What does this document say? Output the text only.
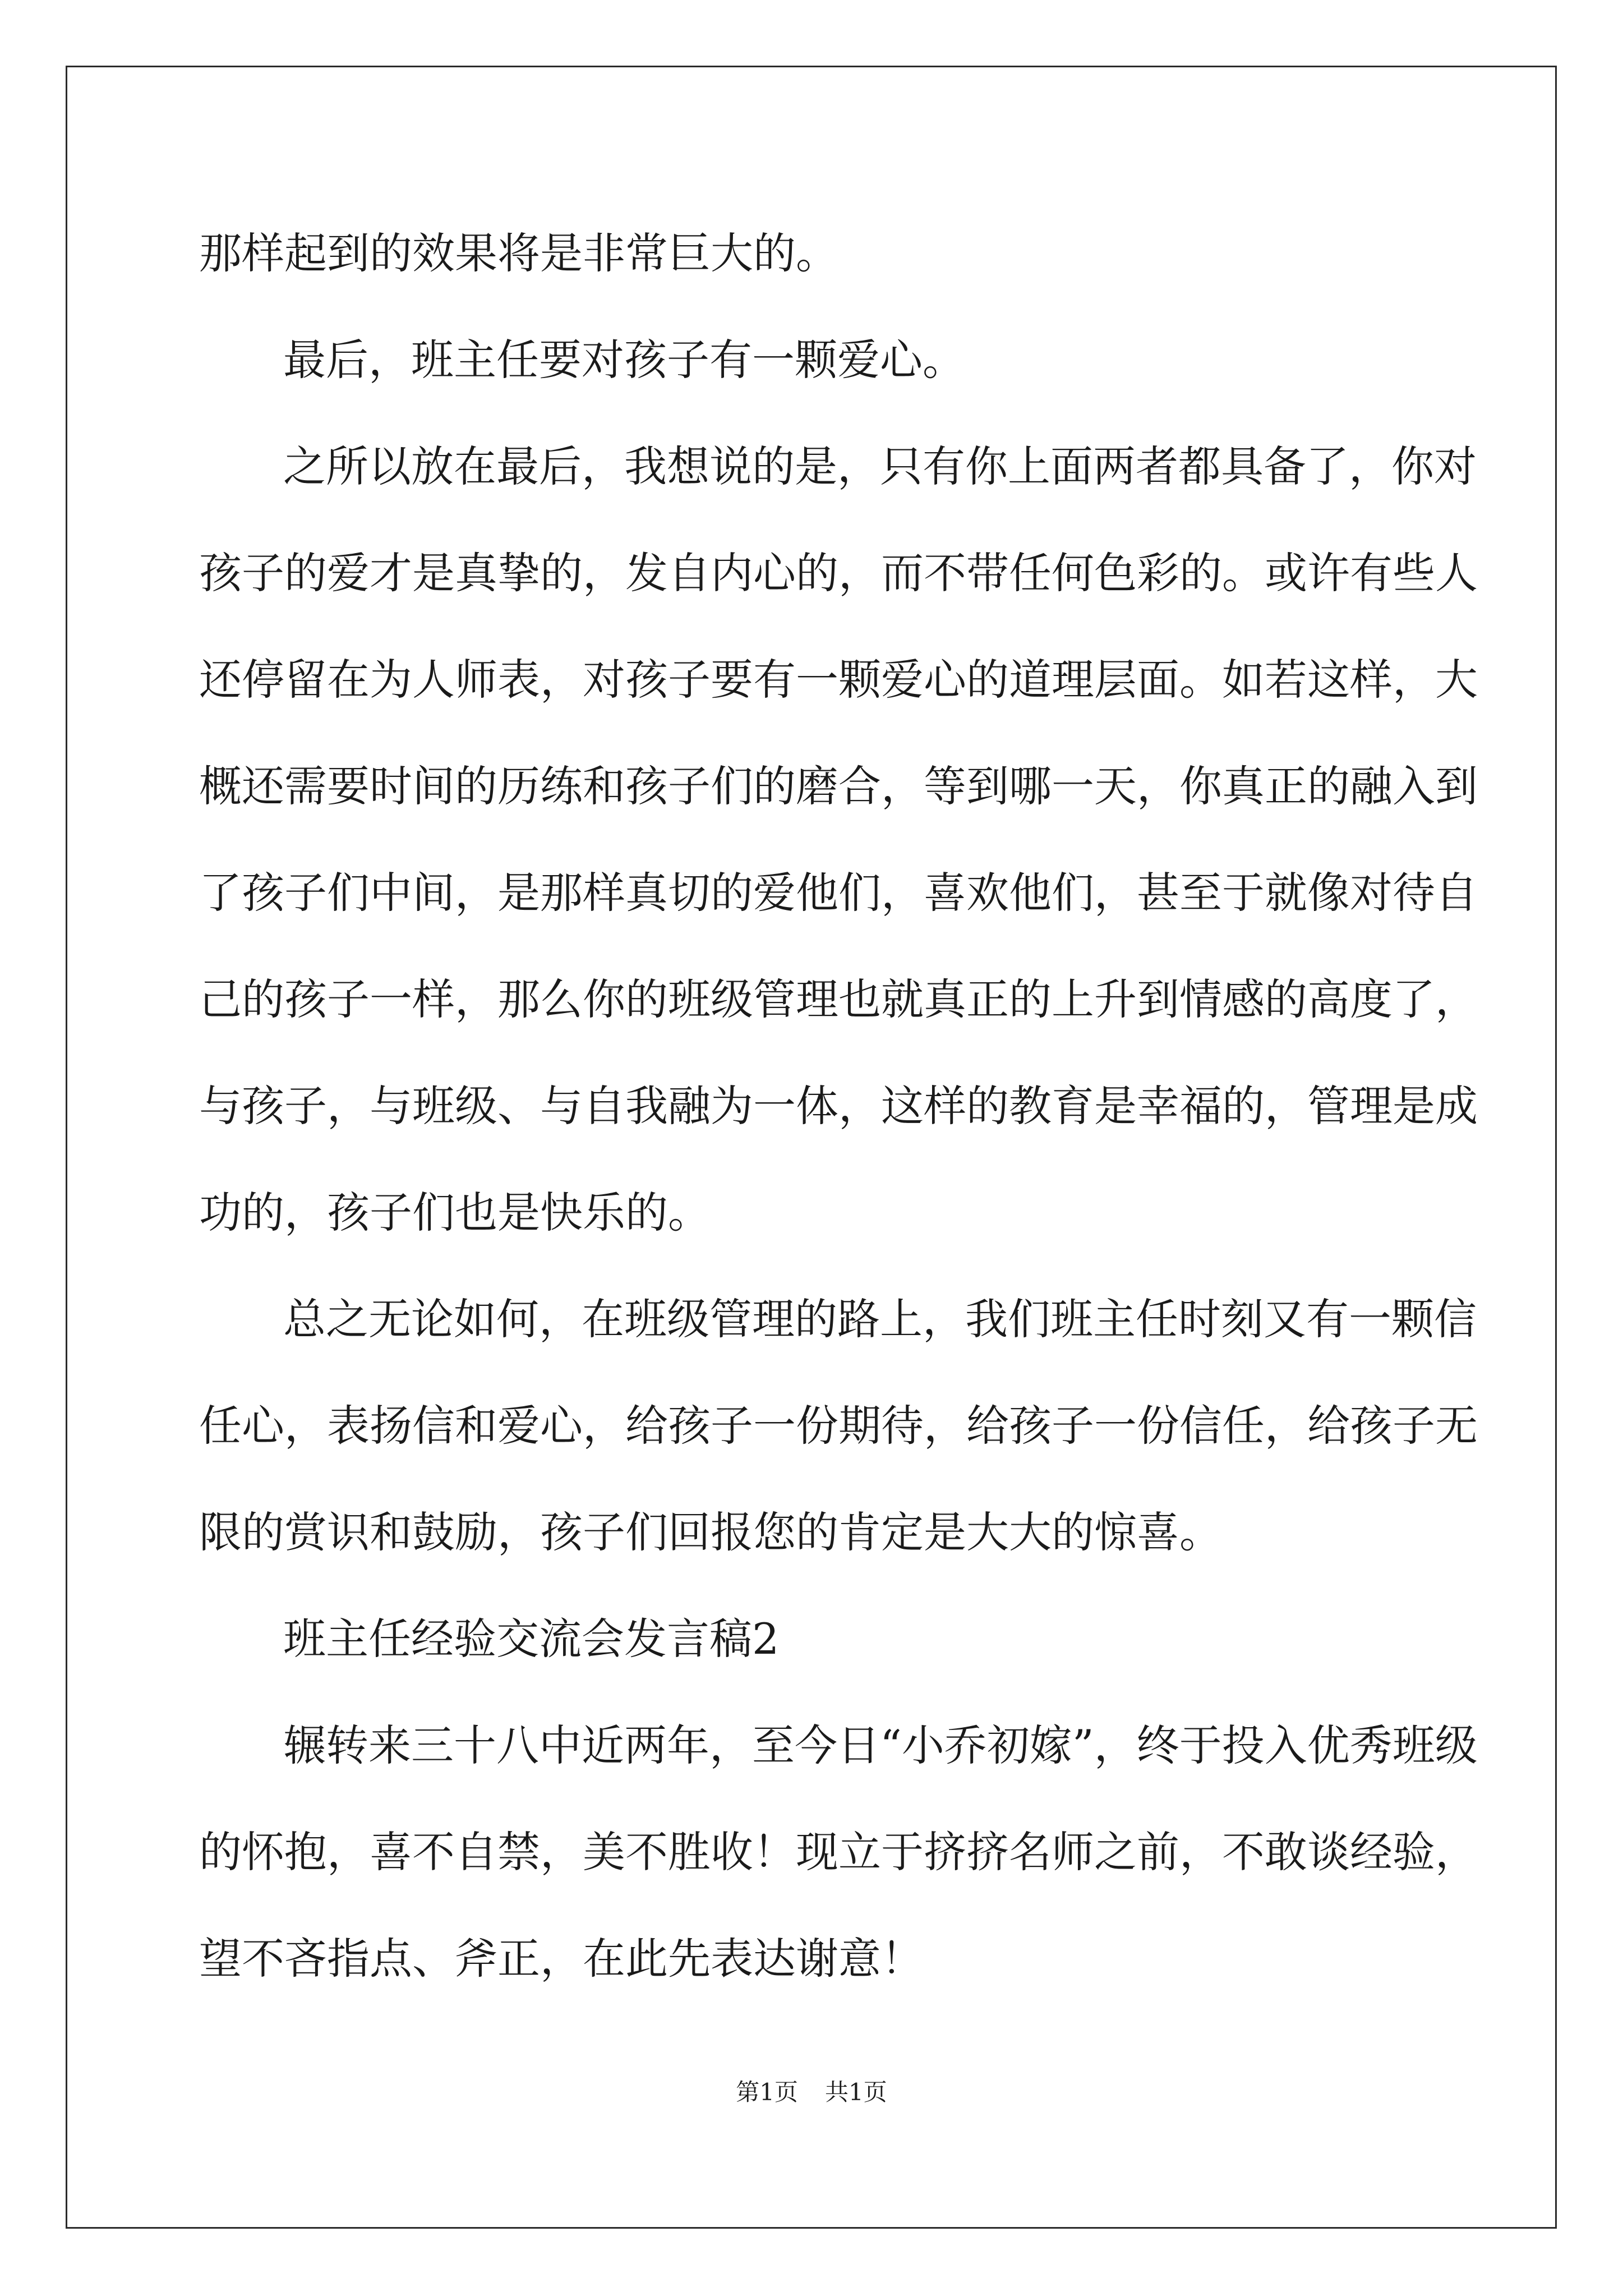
那样起到的效果将是非常巨大的。
最后，班主任要对孩子有一颗爱心。
之所以放在最后，我想说的是，只有你上面两者都具备了，你对
孩子的爱才是真挚的，发自内心的，而不带任何色彩的。或许有些人
还停留在为人师表，对孩子要有一颗爱心的道理层面。如若这样，大
概还需要时间的历练和孩子们的磨合，等到哪一天，你真正的融入到
了孩子们中间，是那样真切的爱他们，喜欢他们，甚至于就像对待自
己的孩子一样，那么你的班级管理也就真正的上升到情感的高度了，
与孩子，与班级、与自我融为一体，这样的教育是幸福的，管理是成
功的，孩子们也是快乐的。
总之无论如何，在班级管理的路上，我们班主任时刻又有一颗信
任心，表扬信和爱心，给孩子一份期待，给孩子一份信任，给孩子无
限的赏识和鼓励，孩子们回报您的肯定是大大的惊喜。
班主任经验交流会发言稿2
辗转来三十八中近两年，至今日“小乔初嫁”，终于投入优秀班级
的怀抱，喜不自禁，美不胜收！现立于挤挤名师之前，不敢谈经验，
望不吝指点、斧正，在此先表达谢意！
第1页 共1页
